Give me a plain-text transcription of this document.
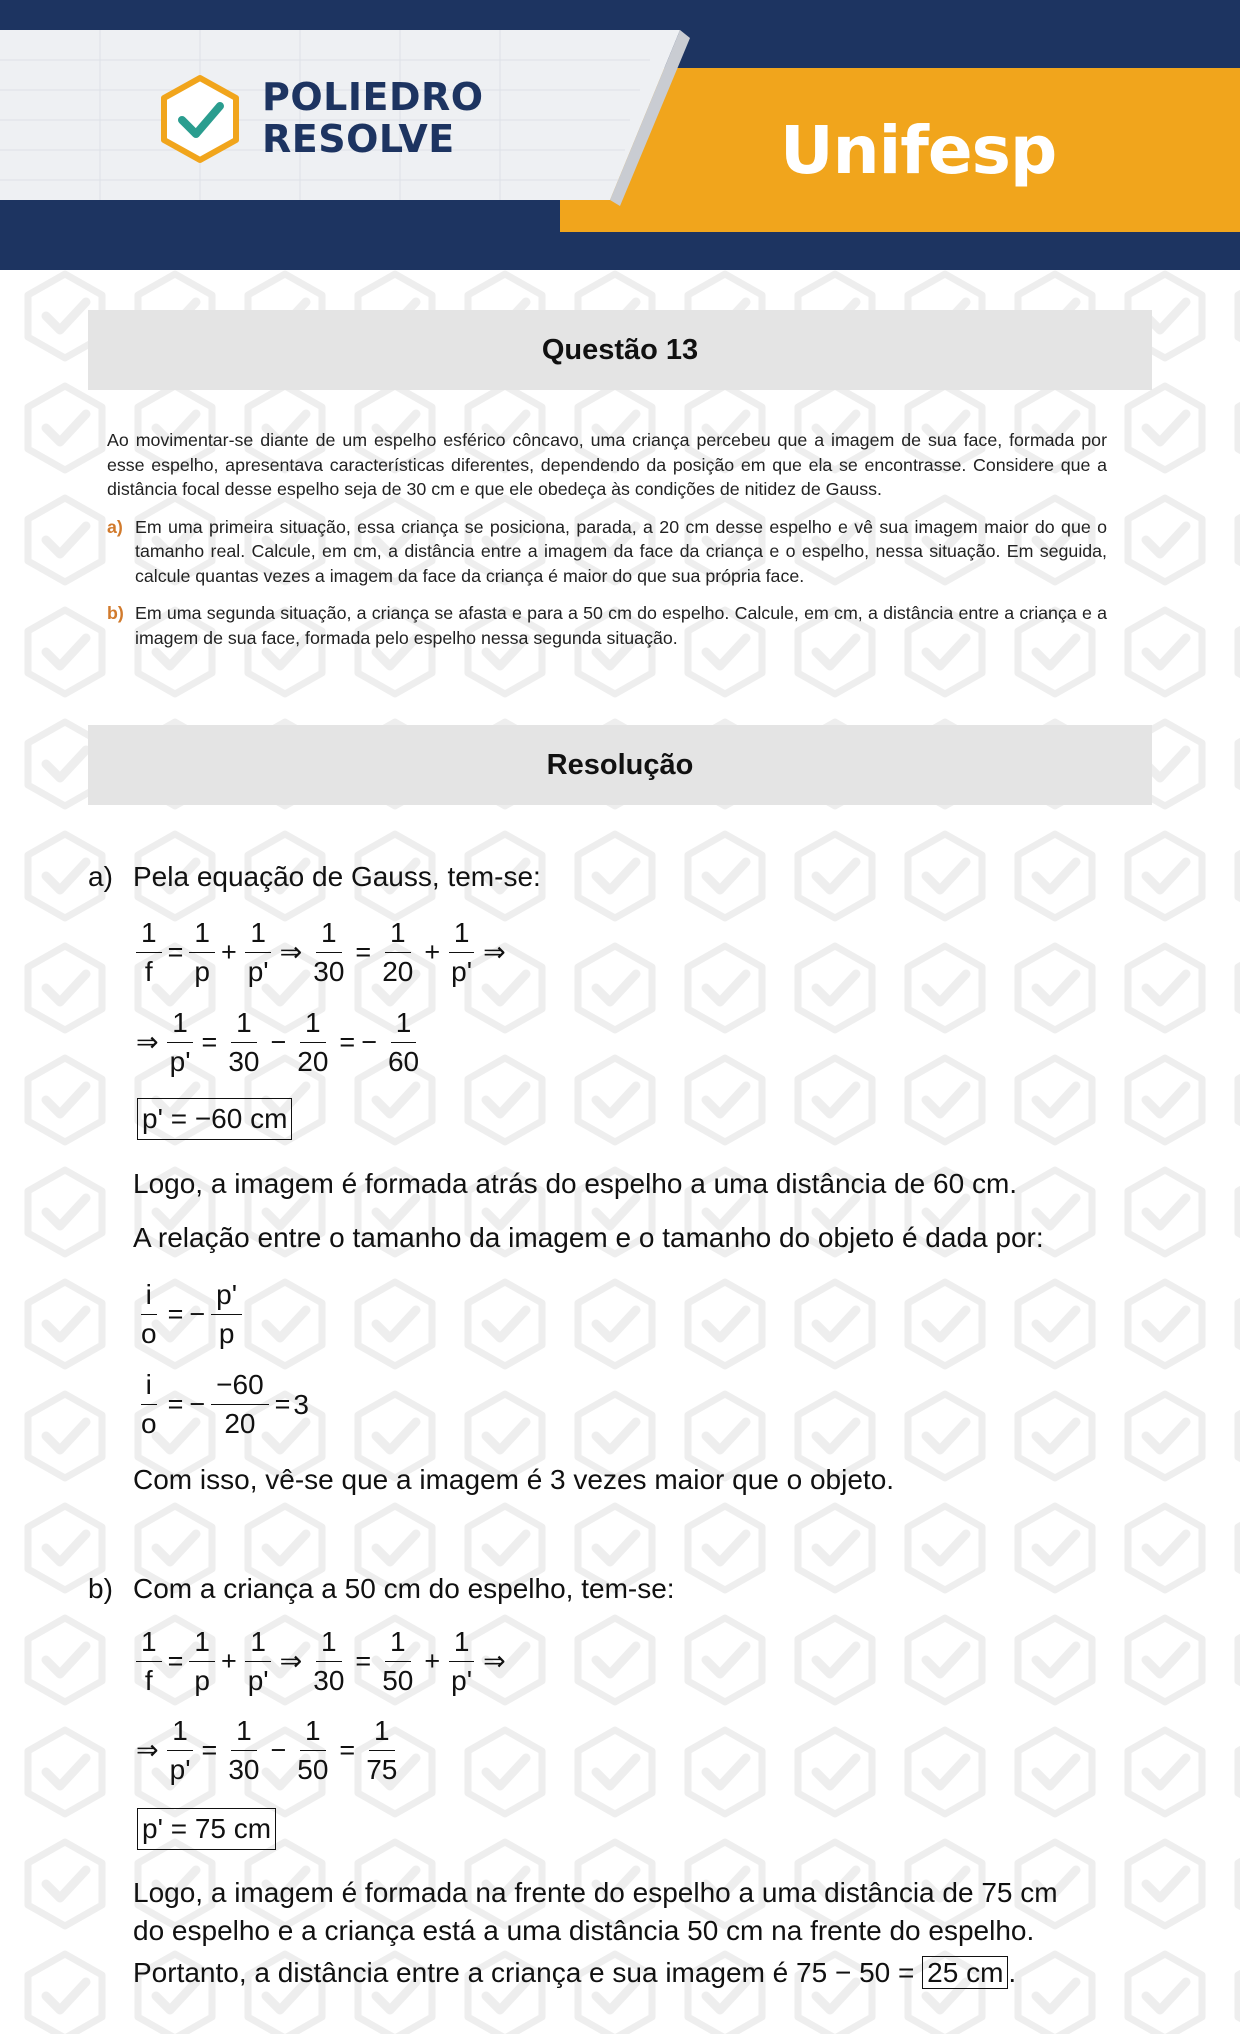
POLIEDRO
RESOLVE	Unifesp
Questão 13

Ao movimentar-se diante de um espelho esférico côncavo, uma criança percebeu que a imagem de sua face, formada por esse espelho, apresentava características diferentes, dependendo da posição em que ela se encontrasse. Considere que a distância focal desse espelho seja de 30 cm e que ele obedeça às condições de nitidez de Gauss.

a) Em uma primeira situação, essa criança se posiciona, parada, a 20 cm desse espelho e vê sua imagem maior do que o tamanho real. Calcule, em cm, a distância entre a imagem da face da criança e o espelho, nessa situação. Em seguida, calcule quantas vezes a imagem da face da criança é maior do que sua própria face.
b) Em uma segunda situação, a criança se afasta e para a 50 cm do espelho. Calcule, em cm, a distância entre a criança e a imagem de sua face, formada pelo espelho nessa segunda situação.
Resolução
a) Pela equação de Gauss, tem-se:
$\frac{1}{f} = \frac{1}{p} + \frac{1}{p'}$ ⇒ $\frac{1}{30} = \frac{1}{20} + \frac{1}{p'}$ ⇒
⇒ $\frac{1}{p'} = \frac{1}{30} - \frac{1}{20}$ = − $\frac{1}{60}$
p' = −60 cm
Logo, a imagem é formada atrás do espelho a uma distância de 60 cm.
A relação entre o tamanho da imagem e o tamanho do objeto é dada por:
$\frac{i}{o}$ = − $\frac{p'}{p}$
$\frac{i}{o}$ = − $\frac{-60}{20} = 3$
Com isso, vê-se que a imagem é 3 vezes maior que o objeto.
b) Com a criança a 50 cm do espelho, tem-se:
$\frac{1}{f} = \frac{1}{p} + \frac{1}{p'}$ ⇒ $\frac{1}{30} = \frac{1}{50} + \frac{1}{p'}$ ⇒
⇒ $\frac{1}{p'} = \frac{1}{30} - \frac{1}{50} = \frac{1}{75}$
p' = 75 cm
Logo, a imagem é formada na frente do espelho a uma distância de 75 cm
do espelho e a criança está a uma distância 50 cm na frente do espelho.
Portanto, a distância entre a criança e sua imagem é 75 − 50 = 25 cm .
